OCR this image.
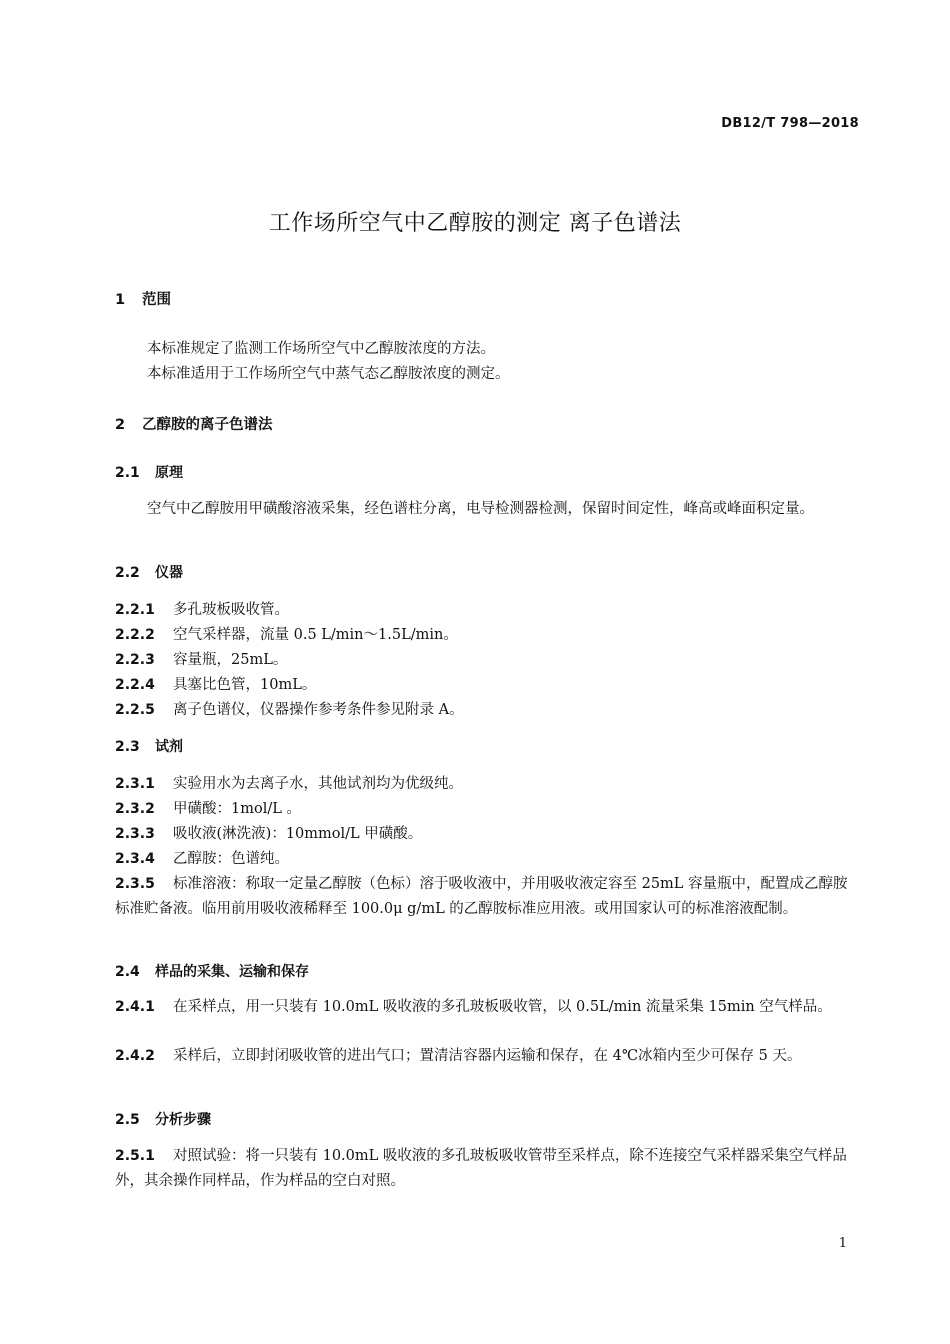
DB12/T 798—2018
工作场所空气中乙醇胺的测定 离子色谱法
1 范围
本标准规定了监测工作场所空气中乙醇胺浓度的方法。
本标准适用于工作场所空气中蒸气态乙醇胺浓度的测定。
2 乙醇胺的离子色谱法
2.1 原理
空气中乙醇胺用甲磺酸溶液采集，经色谱柱分离，电导检测器检测，保留时间定性，峰高或峰面积定量。
2.2 仪器
2.2.1 多孔玻板吸收管。
2.2.2 空气采样器，流量 0.5 L/min～1.5L/min。
2.2.3 容量瓶，25mL。
2.2.4 具塞比色管，10mL。
2.2.5 离子色谱仪，仪器操作参考条件参见附录 A。
2.3 试剂
2.3.1 实验用水为去离子水，其他试剂均为优级纯。
2.3.2 甲磺酸：1mol/L 。
2.3.3 吸收液(淋洗液)：10mmol/L 甲磺酸。
2.3.4 乙醇胺：色谱纯。
2.3.5 标准溶液：称取一定量乙醇胺（色标）溶于吸收液中，并用吸收液定容至 25mL 容量瓶中，配置成乙醇胺标准贮备液。临用前用吸收液稀释至 100.0μ g/mL 的乙醇胺标准应用液。或用国家认可的标准溶液配制。
2.4 样品的采集、运输和保存
2.4.1 在采样点，用一只装有 10.0mL 吸收液的多孔玻板吸收管，以 0.5L/min 流量采集 15min 空气样品。
2.4.2 采样后，立即封闭吸收管的进出气口；置清洁容器内运输和保存，在 4℃冰箱内至少可保存 5 天。
2.5 分析步骤
2.5.1 对照试验：将一只装有 10.0mL 吸收液的多孔玻板吸收管带至采样点，除不连接空气采样器采集空气样品外，其余操作同样品，作为样品的空白对照。
1
